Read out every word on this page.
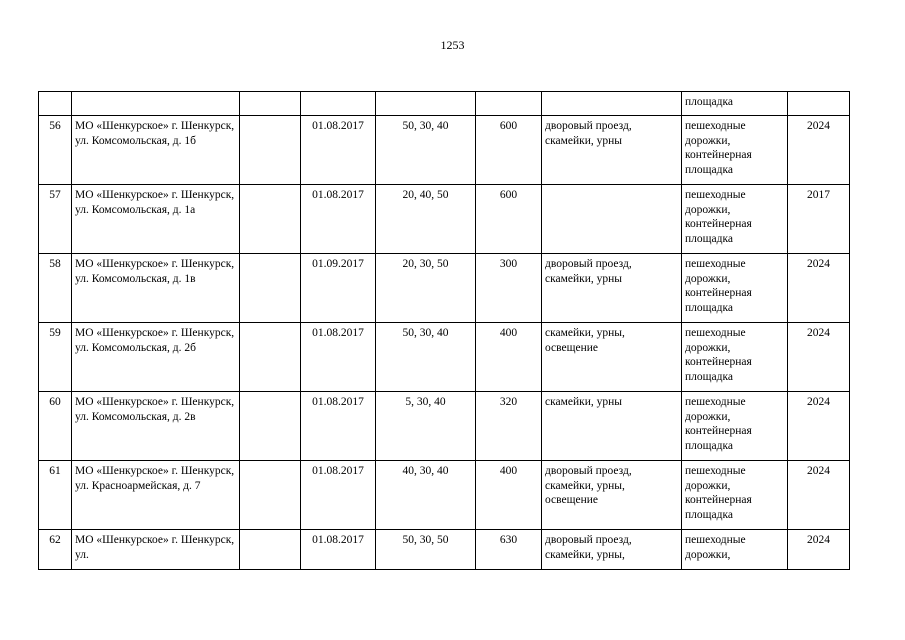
1253
							площадка	
56	МО «Шенкурское» г. Шенкурск, ул. Комсомольская, д. 1б		01.08.2017	50, 30, 40	600	дворовый проезд, скамейки, урны	пешеходные дорожки, контейнерная площадка	2024
57	МО «Шенкурское» г. Шенкурск, ул. Комсомольская, д. 1а		01.08.2017	20, 40, 50	600		пешеходные дорожки, контейнерная площадка	2017
58	МО «Шенкурское» г. Шенкурск, ул. Комсомольская, д. 1в		01.09.2017	20, 30, 50	300	дворовый проезд, скамейки, урны	пешеходные дорожки, контейнерная площадка	2024
59	МО «Шенкурское» г. Шенкурск, ул. Комсомольская, д. 2б		01.08.2017	50, 30, 40	400	скамейки, урны, освещение	пешеходные дорожки, контейнерная площадка	2024
60	МО «Шенкурское» г. Шенкурск, ул. Комсомольская, д. 2в		01.08.2017	5, 30, 40	320	скамейки, урны	пешеходные дорожки, контейнерная площадка	2024
61	МО «Шенкурское» г. Шенкурск, ул. Красноармейская, д. 7		01.08.2017	40, 30, 40	400	дворовый проезд, скамейки, урны, освещение	пешеходные дорожки, контейнерная площадка	2024
62	МО «Шенкурское» г. Шенкурск, ул.		01.08.2017	50, 30, 50	630	дворовый проезд, скамейки, урны,	пешеходные дорожки,	2024
